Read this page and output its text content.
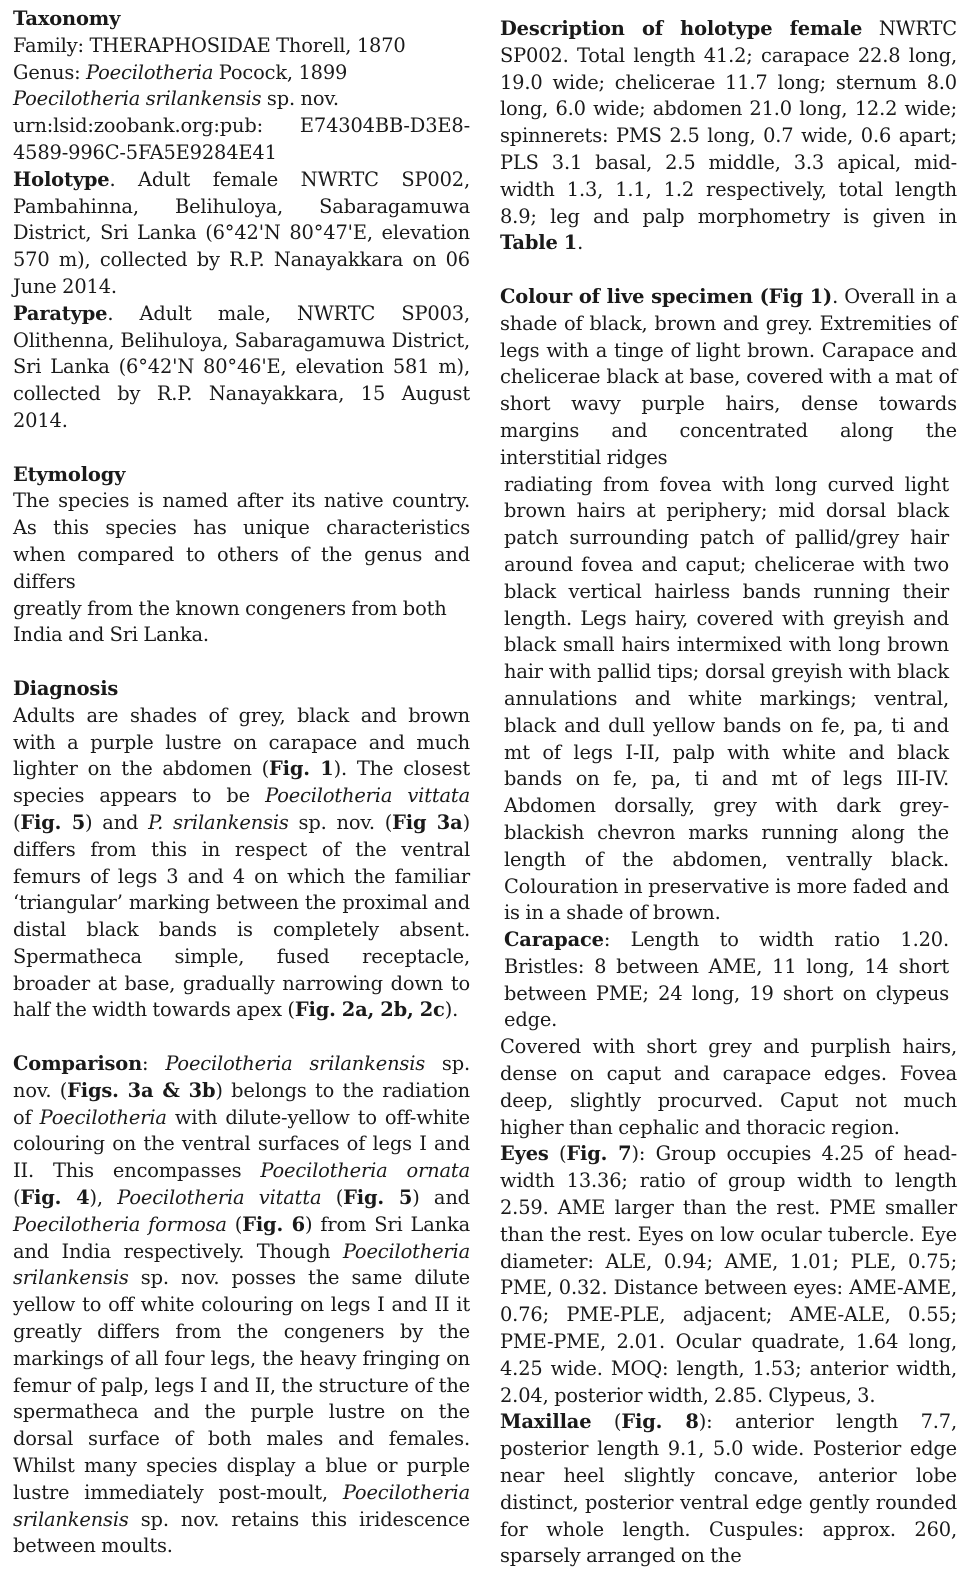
Taxonomy

Family: THERAPHOSIDAE Thorell, 1870

Genus: Poecilotheria Pocock, 1899

Poecilotheria srilankensis sp. nov.

urn:lsid:zoobank.org:pub: E74304BB-D3E8-4589-996C-5FA5E9284E41

Holotype. Adult female NWRTC SP002, Pambahinna, Belihuloya, Sabaragamuwa District, Sri Lanka (6°42'N 80°47'E, elevation 570 m), collected by R.P. Nanayakkara on 06 June 2014.

Paratype. Adult male, NWRTC SP003, Olithenna, Belihuloya, Sabaragamuwa District, Sri Lanka (6°42'N 80°46'E, elevation 581 m), collected by R.P. Nanayakkara, 15 August 2014.

Etymology

The species is named after its native country. As this species has unique characteristics when compared to others of the genus and differs

greatly from the known congeners from both India and Sri Lanka.

Diagnosis

Adults are shades of grey, black and brown with a purple lustre on carapace and much lighter on the abdomen (Fig. 1). The closest species appears to be Poecilotheria vittata (Fig. 5) and P. srilankensis sp. nov. (Fig 3a) differs from this in respect of the ventral femurs of legs 3 and 4 on which the familiar ‘triangular’ marking between the proximal and distal black bands is completely absent. Spermatheca simple, fused receptacle, broader at base, gradually narrowing down to half the width towards apex (Fig. 2a, 2b, 2c).

Comparison: Poecilotheria srilankensis sp. nov. (Figs. 3a & 3b) belongs to the radiation of Poecilotheria with dilute-yellow to off-white colouring on the ventral surfaces of legs I and II. This encompasses Poecilotheria ornata (Fig. 4), Poecilotheria vitatta (Fig. 5) and Poecilotheria formosa (Fig. 6) from Sri Lanka and India respectively. Though Poecilotheria srilankensis sp. nov. posses the same dilute yellow to off white colouring on legs I and II it greatly differs from the congeners by the markings of all four legs, the heavy fringing on femur of palp, legs I and II, the structure of the spermatheca and the purple lustre on the dorsal surface of both males and females. Whilst many species display a blue or purple lustre immediately post-moult, Poecilotheria srilankensis sp. nov. retains this iridescence between moults.

Description of holotype female NWRTC SP002. Total length 41.2; carapace 22.8 long, 19.0 wide; chelicerae 11.7 long; sternum 8.0 long, 6.0 wide; abdomen 21.0 long, 12.2 wide; spinnerets: PMS 2.5 long, 0.7 wide, 0.6 apart; PLS 3.1 basal, 2.5 middle, 3.3 apical, mid-width 1.3, 1.1, 1.2 respectively, total length 8.9; leg and palp morphometry is given in Table 1.

Colour of live specimen (Fig 1). Overall in a shade of black, brown and grey. Extremities of legs with a tinge of light brown. Carapace and chelicerae black at base, covered with a mat of short wavy purple hairs, dense towards margins and concentrated along the interstitial ridges

radiating from fovea with long curved light brown hairs at periphery; mid dorsal black patch surrounding patch of pallid/grey hair around fovea and caput; chelicerae with two black vertical hairless bands running their length. Legs hairy, covered with greyish and black small hairs intermixed with long brown hair with pallid tips; dorsal greyish with black annulations and white markings; ventral, black and dull yellow bands on fe, pa, ti and mt of legs I-II, palp with white and black bands on fe, pa, ti and mt of legs III-IV. Abdomen dorsally, grey with dark grey-blackish chevron marks running along the length of the abdomen, ventrally black. Colouration in preservative is more faded and is in a shade of brown.

Carapace: Length to width ratio 1.20. Bristles: 8 between AME, 11 long, 14 short between PME; 24 long, 19 short on clypeus edge.

Covered with short grey and purplish hairs, dense on caput and carapace edges. Fovea deep, slightly procurved. Caput not much higher than cephalic and thoracic region.

Eyes (Fig. 7): Group occupies 4.25 of head-width 13.36; ratio of group width to length 2.59. AME larger than the rest. PME smaller than the rest. Eyes on low ocular tubercle. Eye diameter: ALE, 0.94; AME, 1.01; PLE, 0.75; PME, 0.32. Distance between eyes: AME-AME, 0.76; PME-PLE, adjacent; AME-ALE, 0.55; PME-PME, 2.01. Ocular quadrate, 1.64 long, 4.25 wide. MOQ: length, 1.53; anterior width, 2.04, posterior width, 2.85. Clypeus, 3.

Maxillae (Fig. 8): anterior length 7.7, posterior length 9.1, 5.0 wide. Posterior edge near heel slightly concave, anterior lobe distinct, posterior ventral edge gently rounded for whole length. Cuspules: approx. 260, sparsely arranged on the
